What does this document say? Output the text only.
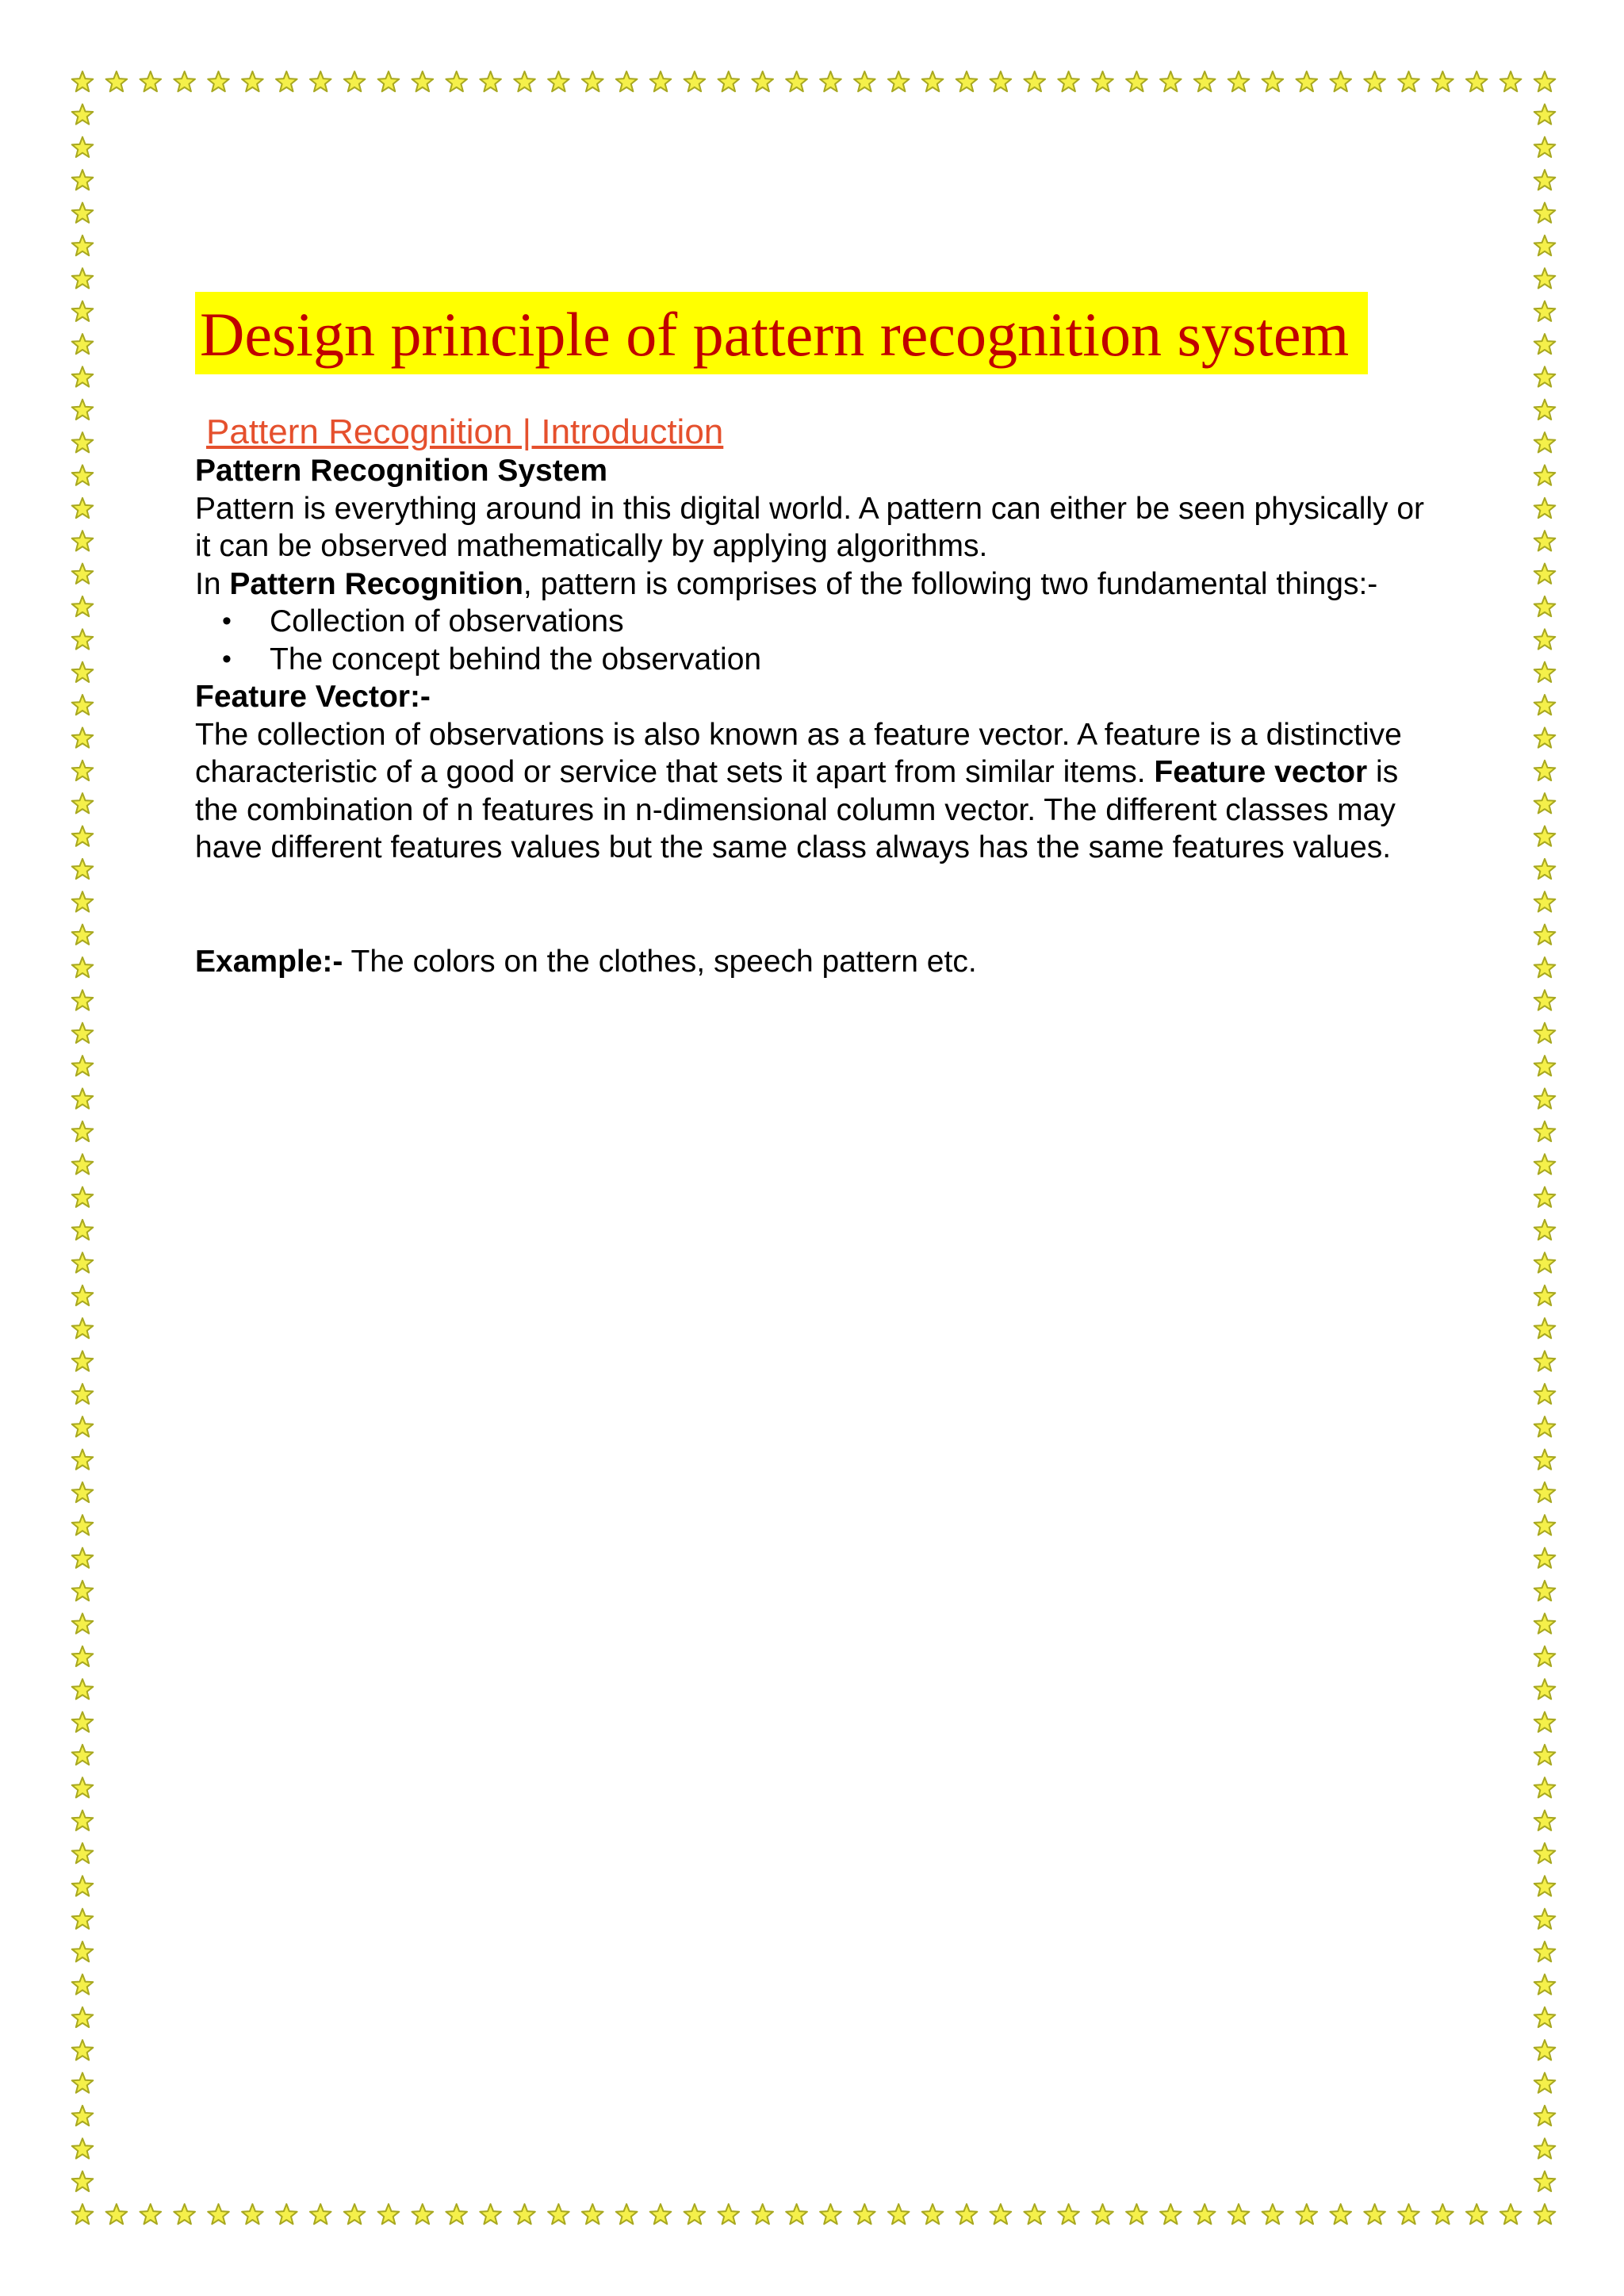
Design principle of pattern recognition system
Pattern Recognition | Introduction

Pattern Recognition System

Pattern is everything around in this digital world. A pattern can either be seen physically or it can be observed mathematically by applying algorithms.

In Pattern Recognition, pattern is comprises of the following two fundamental things:-

• Collection of observations
• The concept behind the observation

Feature Vector:-

The collection of observations is also known as a feature vector. A feature is a distinctive characteristic of a good or service that sets it apart from similar items. Feature vector is the combination of n features in n-dimensional column vector. The different classes may have different features values but the same class always has the same features values.

Example:- The colors on the clothes, speech pattern etc.
